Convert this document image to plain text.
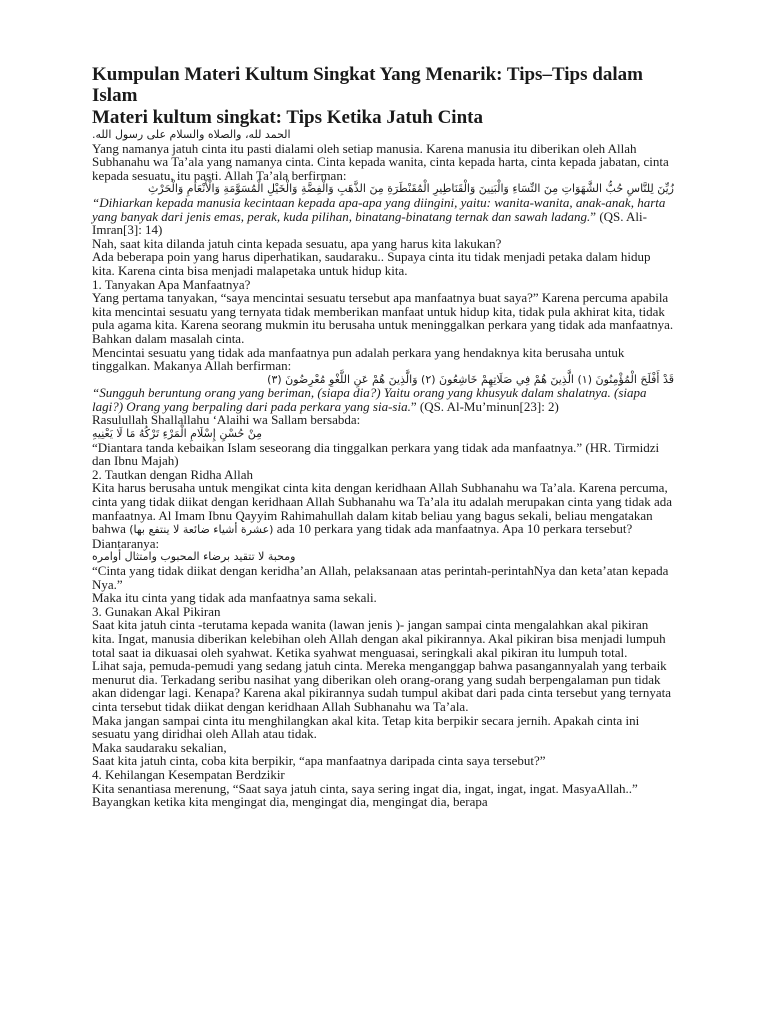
Kumpulan Materi Kultum Singkat Yang Menarik: Tips–Tips dalam Islam
Materi kultum singkat: Tips Ketika Jatuh Cinta

الحمد لله، والصلاه والسلام على رسول الله.

Yang namanya jatuh cinta itu pasti dialami oleh setiap manusia. Karena manusia itu diberikan oleh Allah Subhanahu wa Ta’ala yang namanya cinta. Cinta kepada wanita, cinta kepada harta, cinta kepada jabatan, cinta kepada sesuatu, itu pasti. Allah Ta’ala berfirman:

زُيِّنَ لِلنَّاسِ حُبُّ الشَّهَوَاتِ مِنَ النِّسَاءِ وَالْبَنِينَ وَالْقَنَاطِيرِ الْمُقَنْطَرَةِ مِنَ الذَّهَبِ وَالْفِضَّةِ وَالْخَيْلِ الْمُسَوَّمَةِ وَالْأَنْعَامِ وَالْحَرْثِ

“Dihiarkan kepada manusia kecintaan kepada apa-apa yang diingini, yaitu: wanita-wanita, anak-anak, harta yang banyak dari jenis emas, perak, kuda pilihan, binatang-binatang ternak dan sawah ladang.” (QS. Ali-Imran[3]: 14)

Nah, saat kita dilanda jatuh cinta kepada sesuatu, apa yang harus kita lakukan?

Ada beberapa poin yang harus diperhatikan, saudaraku.. Supaya cinta itu tidak menjadi petaka dalam hidup kita. Karena cinta bisa menjadi malapetaka untuk hidup kita.

1. Tanyakan Apa Manfaatnya?

Yang pertama tanyakan, “saya mencintai sesuatu tersebut apa manfaatnya buat saya?” Karena percuma apabila kita mencintai sesuatu yang ternyata tidak memberikan manfaat untuk hidup kita, tidak pula akhirat kita, tidak pula agama kita. Karena seorang mukmin itu berusaha untuk meninggalkan perkara yang tidak ada manfaatnya. Bahkan dalam masalah cinta.

Mencintai sesuatu yang tidak ada manfaatnya pun adalah perkara yang hendaknya kita berusaha untuk tinggalkan. Makanya Allah berfirman:

قَدْ أَفْلَحَ الْمُؤْمِنُونَ (١) الَّذِينَ هُمْ فِي صَلَاتِهِمْ خَاشِعُونَ (٢) وَالَّذِينَ هُمْ عَنِ اللَّغْوِ مُعْرِضُونَ (٣)

“Sungguh beruntung orang yang beriman, (siapa dia?) Yaitu orang yang khusyuk dalam shalatnya. (siapa lagi?) Orang yang berpaling dari pada perkara yang sia-sia.” (QS. Al-Mu’minun[23]: 2)

Rasulullah Shallallahu ‘Alaihi wa Sallam bersabda:

مِنْ حُسْنِ إِسْلَامِ الْمَرْءِ تَرْكُهُ مَا لَا يَعْنِيهِ

“Diantara tanda kebaikan Islam seseorang dia tinggalkan perkara yang tidak ada manfaatnya.” (HR. Tirmidzi dan Ibnu Majah)

2. Tautkan dengan Ridha Allah

Kita harus berusaha untuk mengikat cinta kita dengan keridhaan Allah Subhanahu wa Ta’ala. Karena percuma, cinta yang tidak diikat dengan keridhaan Allah Subhanahu wa Ta’ala itu adalah merupakan cinta yang tidak ada manfaatnya. Al Imam Ibnu Qayyim Rahimahullah dalam kitab beliau yang bagus sekali, beliau mengatakan bahwa (عشرة أشياء ضائعة لا ينتفع بها) ada 10 perkara yang tidak ada manfaatnya. Apa 10 perkara tersebut? Diantaranya:

ومحبة لا تتقيد برضاء المحبوب وامتثال أوامره

“Cinta yang tidak diikat dengan keridha’an Allah, pelaksanaan atas perintah-perintahNya dan keta’atan kepada Nya.”

Maka itu cinta yang tidak ada manfaatnya sama sekali.

3. Gunakan Akal Pikiran

Saat kita jatuh cinta -terutama kepada wanita (lawan jenis )- jangan sampai cinta mengalahkan akal pikiran kita. Ingat, manusia diberikan kelebihan oleh Allah dengan akal pikirannya. Akal pikiran bisa menjadi lumpuh total saat ia dikuasai oleh syahwat. Ketika syahwat menguasai, seringkali akal pikiran itu lumpuh total.

Lihat saja, pemuda-pemudi yang sedang jatuh cinta. Mereka menganggap bahwa pasangannyalah yang terbaik menurut dia. Terkadang seribu nasihat yang diberikan oleh orang-orang yang sudah berpengalaman pun tidak akan didengar lagi. Kenapa? Karena akal pikirannya sudah tumpul akibat dari pada cinta tersebut yang ternyata cinta tersebut tidak diikat dengan keridhaan Allah Subhanahu wa Ta’ala.

Maka jangan sampai cinta itu menghilangkan akal kita. Tetap kita berpikir secara jernih. Apakah cinta ini sesuatu yang diridhai oleh Allah atau tidak.

Maka saudaraku sekalian,

Saat kita jatuh cinta, coba kita berpikir, “apa manfaatnya daripada cinta saya tersebut?”

4. Kehilangan Kesempatan Berdzikir

Kita senantiasa merenung, “Saat saya jatuh cinta, saya sering ingat dia, ingat, ingat, ingat. MasyaAllah..” Bayangkan ketika kita mengingat dia, mengingat dia, mengingat dia, berapa
